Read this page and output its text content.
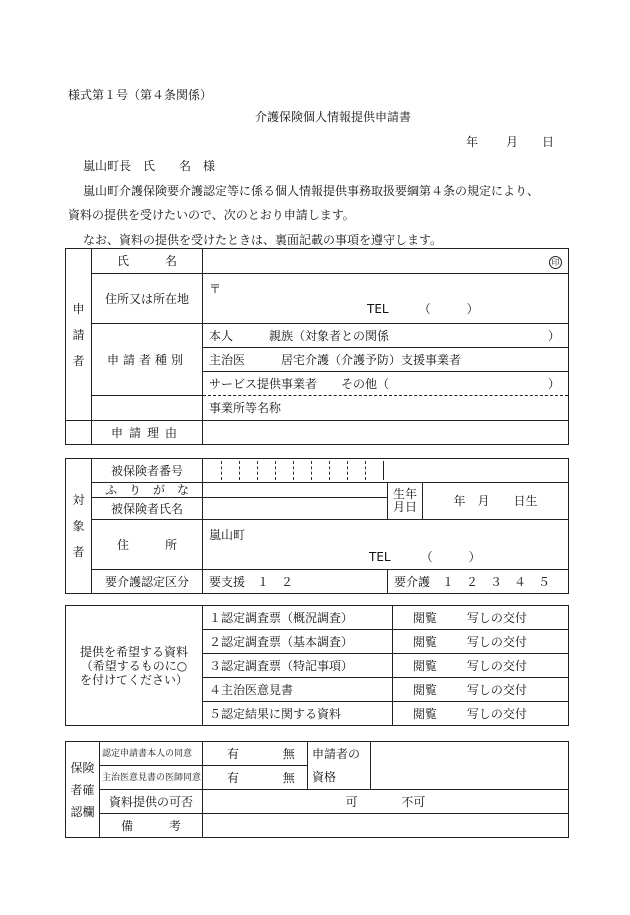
様式第１号（第４条関係）
介護保険個人情報提供申請書
年 月 日
嵐山町長　氏　　名　様
嵐山町介護保険要介護認定等に係る個人情報提供事務取扱要綱第４条の規定により、
資料の提供を受けたいので、次のとおり申請します。
なお、資料の提供を受けたときは、裏面記載の事項を遵守します。
申
請
者	氏　　　名	印
	住所又は所在地	〒
TEL　　　（　　　）

	申請者種別	本人　　　親族（対象者との関係 ）

		主治医　　　居宅介護（介護予防）支援事業者
		サービス提供事業者　　その他（ ）

		事業所等名称
	申請理由	
対
象
者	被保険者番号			

	ふ　り　が　な		生年月日	年　月　　日生
	被保険者氏名			
	住　　　所	嵐山町
TEL　　　（　　　）		

	要介護認定区分	要支援　１　２	要介護　１　２　３　４　５	
提供を希望する資料
（希望するものに○
を付けてください）	１認定調査票（概況調査）	閲覧 写しの交付
	２認定調査票（基本調査）	閲覧 写しの交付
	３認定調査票（特記事項）	閲覧 写しの交付
	４主治医意見書	閲覧 写しの交付
	５認定結果に関する資料	閲覧 写しの交付
保険
者確
認欄	認定申請書本人の同意	有 無	申請者の	
	主治医意見書の医師同意	有 無	資格	
	資料提供の可否	可 不可		
	備　　　考			
